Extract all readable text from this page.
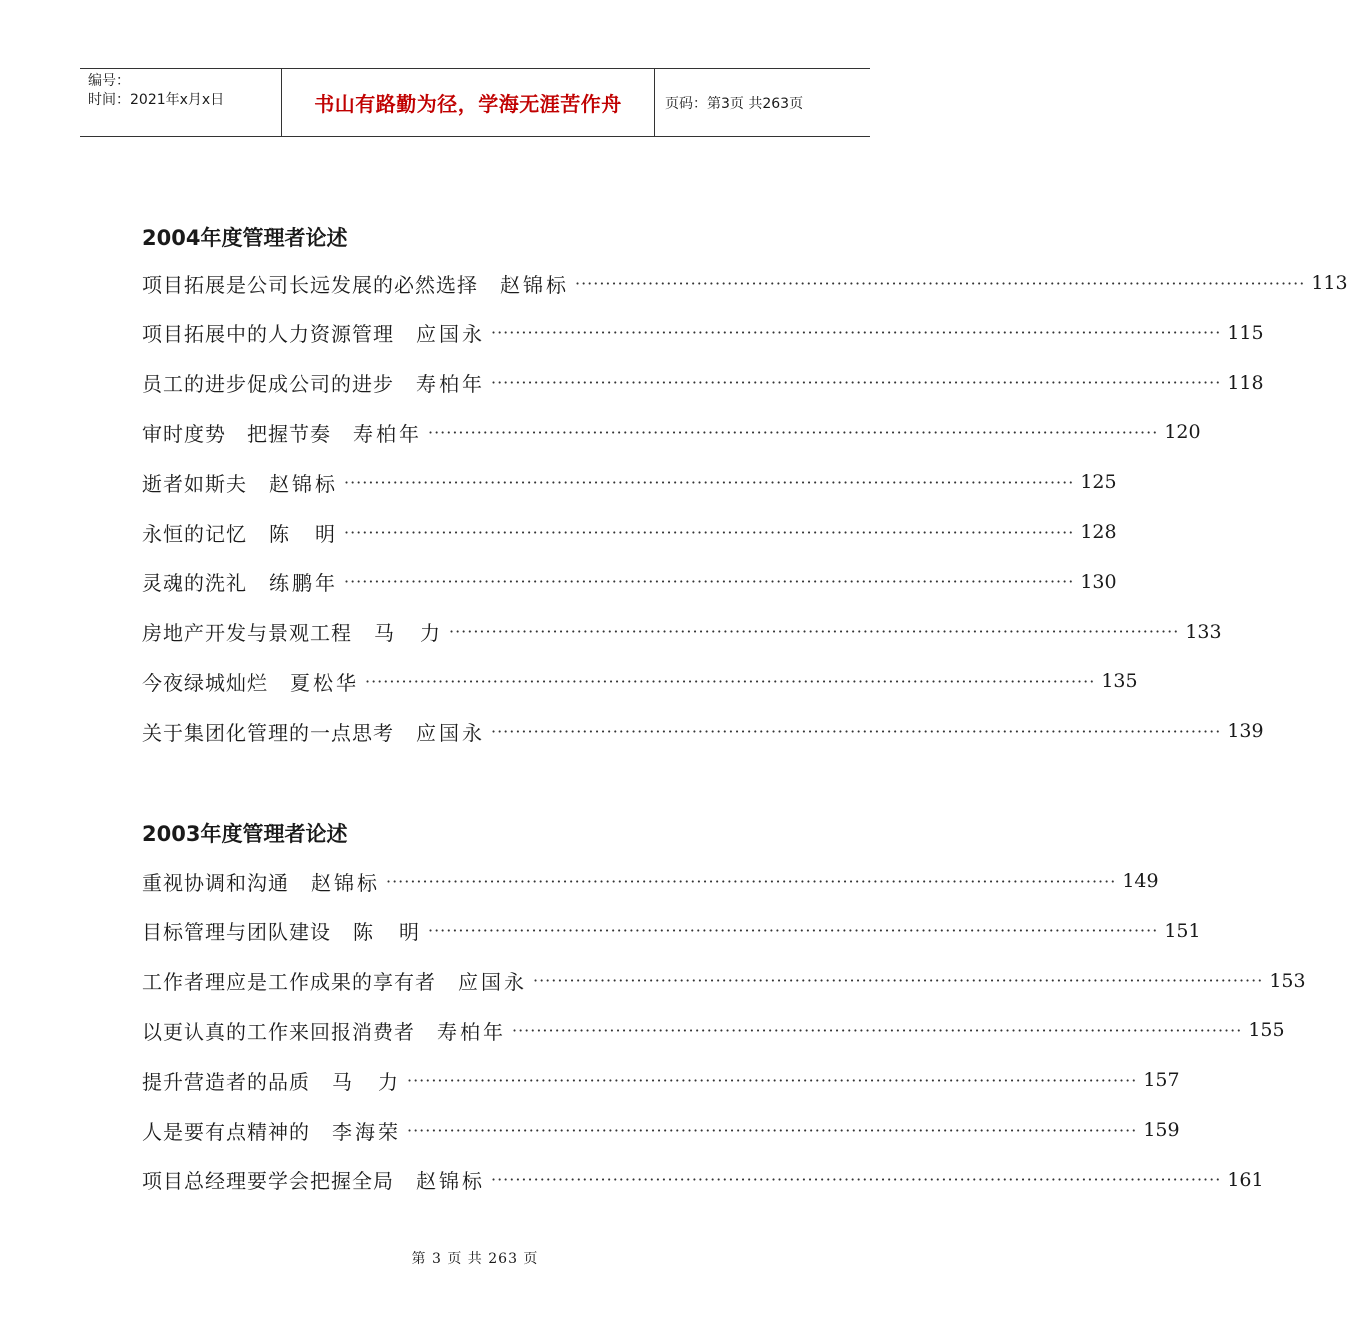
编号：
时间：2021年x月x日	书山有路勤为径，学海无涯苦作舟	页码：第3页 共263页
2004年度管理者论述
项目拓展是公司长远发展的必然选择 赵锦标 ························································································································ 113
项目拓展中的人力资源管理 应国永 ························································································································ 115
员工的进步促成公司的进步 寿柏年 ························································································································ 118
审时度势　把握节奏 寿柏年 ························································································································ 120
逝者如斯夫 赵锦标 ························································································································ 125
永恒的记忆 陈　明 ························································································································ 128
灵魂的洗礼 练鹏年 ························································································································ 130
房地产开发与景观工程 马　力 ························································································································ 133
今夜绿城灿烂 夏松华 ························································································································ 135
关于集团化管理的一点思考 应国永 ························································································································ 139
2003年度管理者论述
重视协调和沟通 赵锦标 ························································································································ 149
目标管理与团队建设 陈　明 ························································································································ 151
工作者理应是工作成果的享有者 应国永 ························································································································ 153
以更认真的工作来回报消费者 寿柏年 ························································································································ 155
提升营造者的品质 马　力 ························································································································ 157
人是要有点精神的 李海荣 ························································································································ 159
项目总经理要学会把握全局 赵锦标 ························································································································ 161
第 3 页 共 263 页
